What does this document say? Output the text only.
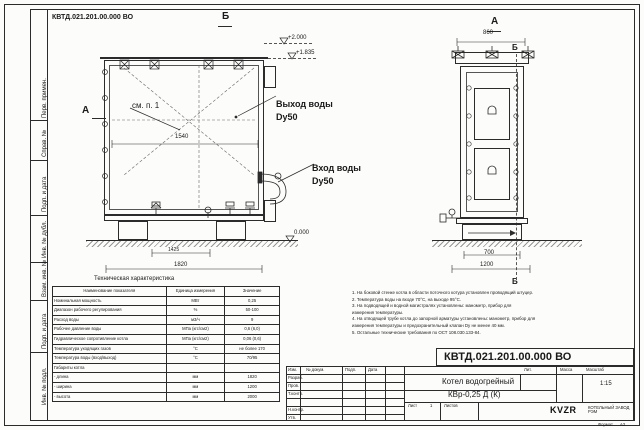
Перв. примен.
Справ. №
Подп. и дата
Инв. № дубл.
Взам. инв. №
Подп. и дата
Инв. № подл.
КВТД.021.201.00.000 ВО	Б
см. п. 1	Выход воды
Dу50
Вход воды
Dу50
А
+2.000
+1.835
0.000
1540
1425
1820
А
860
Б
Б
700
1200
Техническая характеристика
Наименование показателя	Единица измерения	Значение
Номинальная мощность	МВт	0,25
Диапазон рабочего регулирования	%	50-100
Расход воды	м3/ч	9
Рабочее давление воды	МПа (кгс/см2)	0,6 (6,0)
Гидравлическое сопротивление котла	МПа (кгс/см2)	0,06 (0,6)
Температура уходящих газов	°С	не более 170
Температура воды (вход/выход)	°С	70/95
Габариты котла		
- длина	мм	1820
- ширина	мм	1200
- высота	мм	2000
1. На боковой стенке котла в области поточного котура установлен проводящий штуцер.
2. Температура воды на входе 70°С, на выходе 95°С.
3. На подводящей и водной магистралях установлены: манометр, прибор для
измерения температуры.
4. На отводящей трубе котла до запорной арматуры установлены: манометр, прибор для
измерения температуры и предохранительный клапан Dу не менее 40 мм.
5. Остальные технические требования по ОСТ 108.030.133-84.
КВТД.021.201.00.000 ВО
Изм. № докум.	Подп.	Дата
Разраб.
Пров.
Т.контр.
Н.контр.
Утв.
Котел водогрейный
КВр-0,25 Д (К)
Лит.	Масса	Масштаб
1:15
Лист	1	Листов	KVZR	КОТЕЛЬНЫЙ ЗАВОД РЭМ
Формат А3
